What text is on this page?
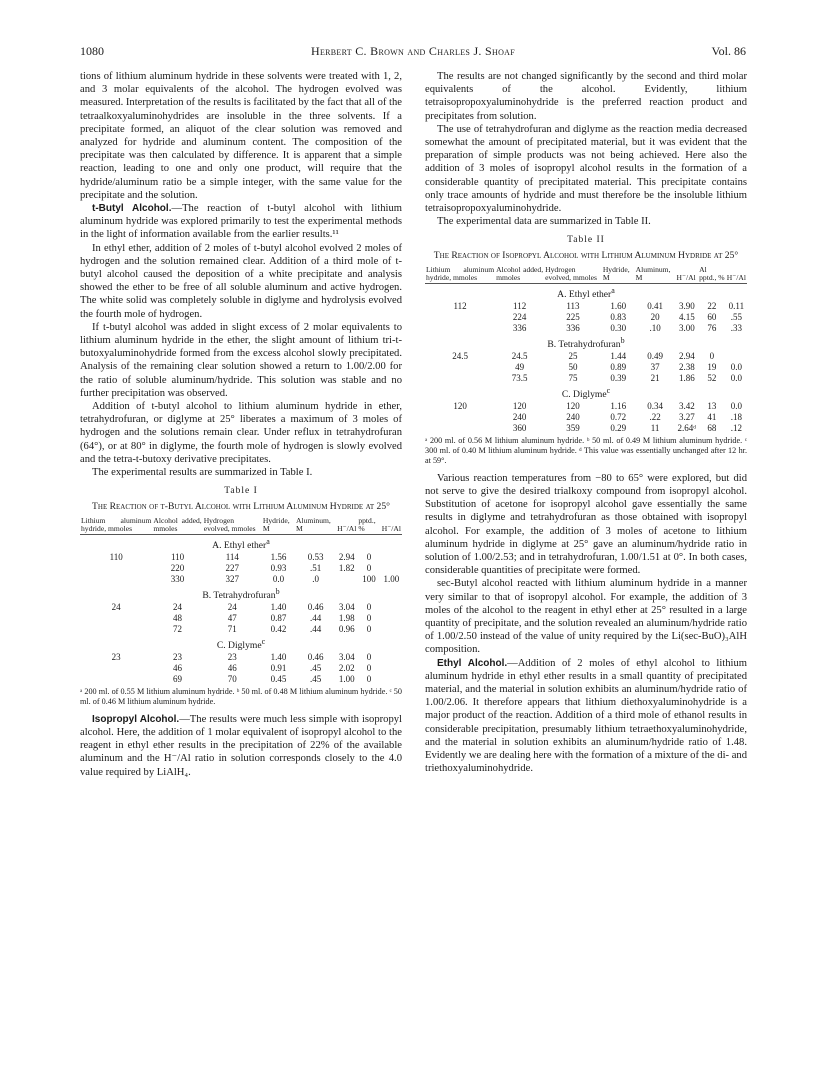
1080	Herbert C. Brown and Charles J. Shoaf	Vol. 86

tions of lithium aluminum hydride in these solvents were treated with 1, 2, and 3 molar equivalents of the alcohol. The hydrogen evolved was measured. Interpretation of the results is facilitated by the fact that all of the tetraalkoxyaluminohydrides are insoluble in the three solvents. If a precipitate formed, an aliquot of the clear solution was removed and analyzed for hydride and aluminum content. The composition of the precipitate was then calculated by difference. It is apparent that a simple reaction, leading to one and only one product, will require that the hydride/aluminum ratio be a simple integer, with the same value for the precipitate and the solution.

t-Butyl Alcohol.—The reaction of t-butyl alcohol with lithium aluminum hydride was explored primarily to test the experimental methods in the light of information available from the earlier results.¹¹

In ethyl ether, addition of 2 moles of t-butyl alcohol evolved 2 moles of hydrogen and the solution remained clear. Addition of a third mole of t-butyl alcohol caused the deposition of a white precipitate and analysis showed the ether to be free of all soluble aluminum and active hydrogen. The white solid was completely soluble in diglyme and hydrolysis evolved the fourth mole of hydrogen.

If t-butyl alcohol was added in slight excess of 2 molar equivalents to lithium aluminum hydride in the ether, the slight amount of lithium tri-t-butoxyaluminohydride formed from the excess alcohol slowly precipitated. Analysis of the remaining clear solution showed a return to 1.00/2.00 for the ratio of soluble aluminum/hydride. This solution was stable and no further precipitation was observed.

Addition of t-butyl alcohol to lithium aluminum hydride in ether, tetrahydrofuran, or diglyme at 25° liberates a maximum of 3 moles of hydrogen and the solutions remain clear. Under reflux in tetrahydrofuran (64°), or at 80° in diglyme, the fourth mole of hydrogen is slowly evolved and the tetra-t-butoxy derivative precipitates.

The experimental results are summarized in Table I.

Table I
The Reaction of t-Butyl Alcohol with Lithium Aluminum Hydride at 25°
Lithium aluminum hydride, mmoles	Alcohol added, mmoles	Hydrogen evolved, mmoles	Hydride, M	Aluminum, M	H⁻/Al	pptd., %	H⁻/Al
A. Ethyl ether$^a$
110	110	114	1.56	0.53	2.94	0	
	220	227	0.93	.51	1.82	0	
	330	327	0.0	.0		100	1.00
B. Tetrahydrofuran$^b$
24	24	24	1.40	0.46	3.04	0	
	48	47	0.87	.44	1.98	0	
	72	71	0.42	.44	0.96	0	
C. Diglyme$^c$
23	23	23	1.40	0.46	3.04	0	
	46	46	0.91	.45	2.02	0	
	69	70	0.45	.45	1.00	0	
ᵃ 200 ml. of 0.55 M lithium aluminum hydride. ᵇ 50 ml. of 0.48 M lithium aluminum hydride. ᶜ 50 ml. of 0.46 M lithium aluminum hydride.

Isopropyl Alcohol.—The results were much less simple with isopropyl alcohol. Here, the addition of 1 molar equivalent of isopropyl alcohol to the reagent in ethyl ether results in the precipitation of 22% of the available aluminum and the H⁻/Al ratio in solution corresponds closely to the 4.0 value required by LiAlH₄.

The results are not changed significantly by the second and third molar equivalents of the alcohol. Evidently, lithium tetraisopropoxyaluminohydride is the preferred reaction product and precipitates from solution.

The use of tetrahydrofuran and diglyme as the reaction media decreased somewhat the amount of precipitated material, but it was evident that the preparation of simple products was not being achieved. Here also the addition of 3 moles of isopropyl alcohol results in the formation of a considerable quantity of precipitated material. This precipitate contains only trace amounts of hydride and must therefore be the insoluble lithium tetraisopropoxyaluminohydride.

The experimental data are summarized in Table II.

Table II
The Reaction of Isopropyl Alcohol with Lithium Aluminum Hydride at 25°
Lithium aluminum hydride, mmoles	Alcohol added, mmoles	Hydrogen evolved, mmoles	Hydride, M	Aluminum, M	H⁻/Al	Al pptd., %	H⁻/Al
A. Ethyl ether$^a$
112	112	113	1.60	0.41	3.90	22	0.11
	224	225	0.83	20	4.15	60	.55
	336	336	0.30	.10	3.00	76	.33
B. Tetrahydrofuran$^b$
24.5	24.5	25	1.44	0.49	2.94	0	
	49	50	0.89	37	2.38	19	0.0
	73.5	75	0.39	21	1.86	52	0.0
C. Diglyme$^c$
120	120	120	1.16	0.34	3.42	13	0.0
	240	240	0.72	.22	3.27	41	.18
	360	359	0.29	11	2.64ᵈ	68	.12
ᵃ 200 ml. of 0.56 M lithium aluminum hydride. ᵇ 50 ml. of 0.49 M lithium aluminum hydride. ᶜ 300 ml. of 0.40 M lithium aluminum hydride. ᵈ This value was essentially unchanged after 12 hr. at 59°.

Various reaction temperatures from −80 to 65° were explored, but did not serve to give the desired trialkoxy compound from isopropyl alcohol. Substitution of acetone for isopropyl alcohol gave essentially the same results in diglyme and tetrahydrofuran as those obtained with isopropyl alcohol. For example, the addition of 3 moles of acetone to lithium aluminum hydride in diglyme at 25° gave an aluminum/hydride ratio in solution of 1.00/2.53; and in tetrahydrofuran, 1.00/1.51 at 0°. In both cases, considerable quantities of precipitate were formed.

sec-Butyl alcohol reacted with lithium aluminum hydride in a manner very similar to that of isopropyl alcohol. For example, the addition of 3 moles of the alcohol to the reagent in ethyl ether at 25° resulted in a large quantity of precipitate, and the solution revealed an aluminum/hydride ratio of 1.00/2.50 instead of the value of unity required by the Li(sec-BuO)₃AlH composition.

Ethyl Alcohol.—Addition of 2 moles of ethyl alcohol to lithium aluminum hydride in ethyl ether results in a small quantity of precipitated material, and the material in solution exhibits an aluminum/hydride ratio of 1.00/2.06. It therefore appears that lithium diethoxyaluminohydride is a major product of the reaction. Addition of a third mole of ethanol results in considerable precipitation, presumably lithium tetraethoxyaluminohydride, and the material in solution exhibits an aluminum/hydride ratio of 1.48. Evidently we are dealing here with the formation of a mixture of the di- and triethoxyaluminohydride.
